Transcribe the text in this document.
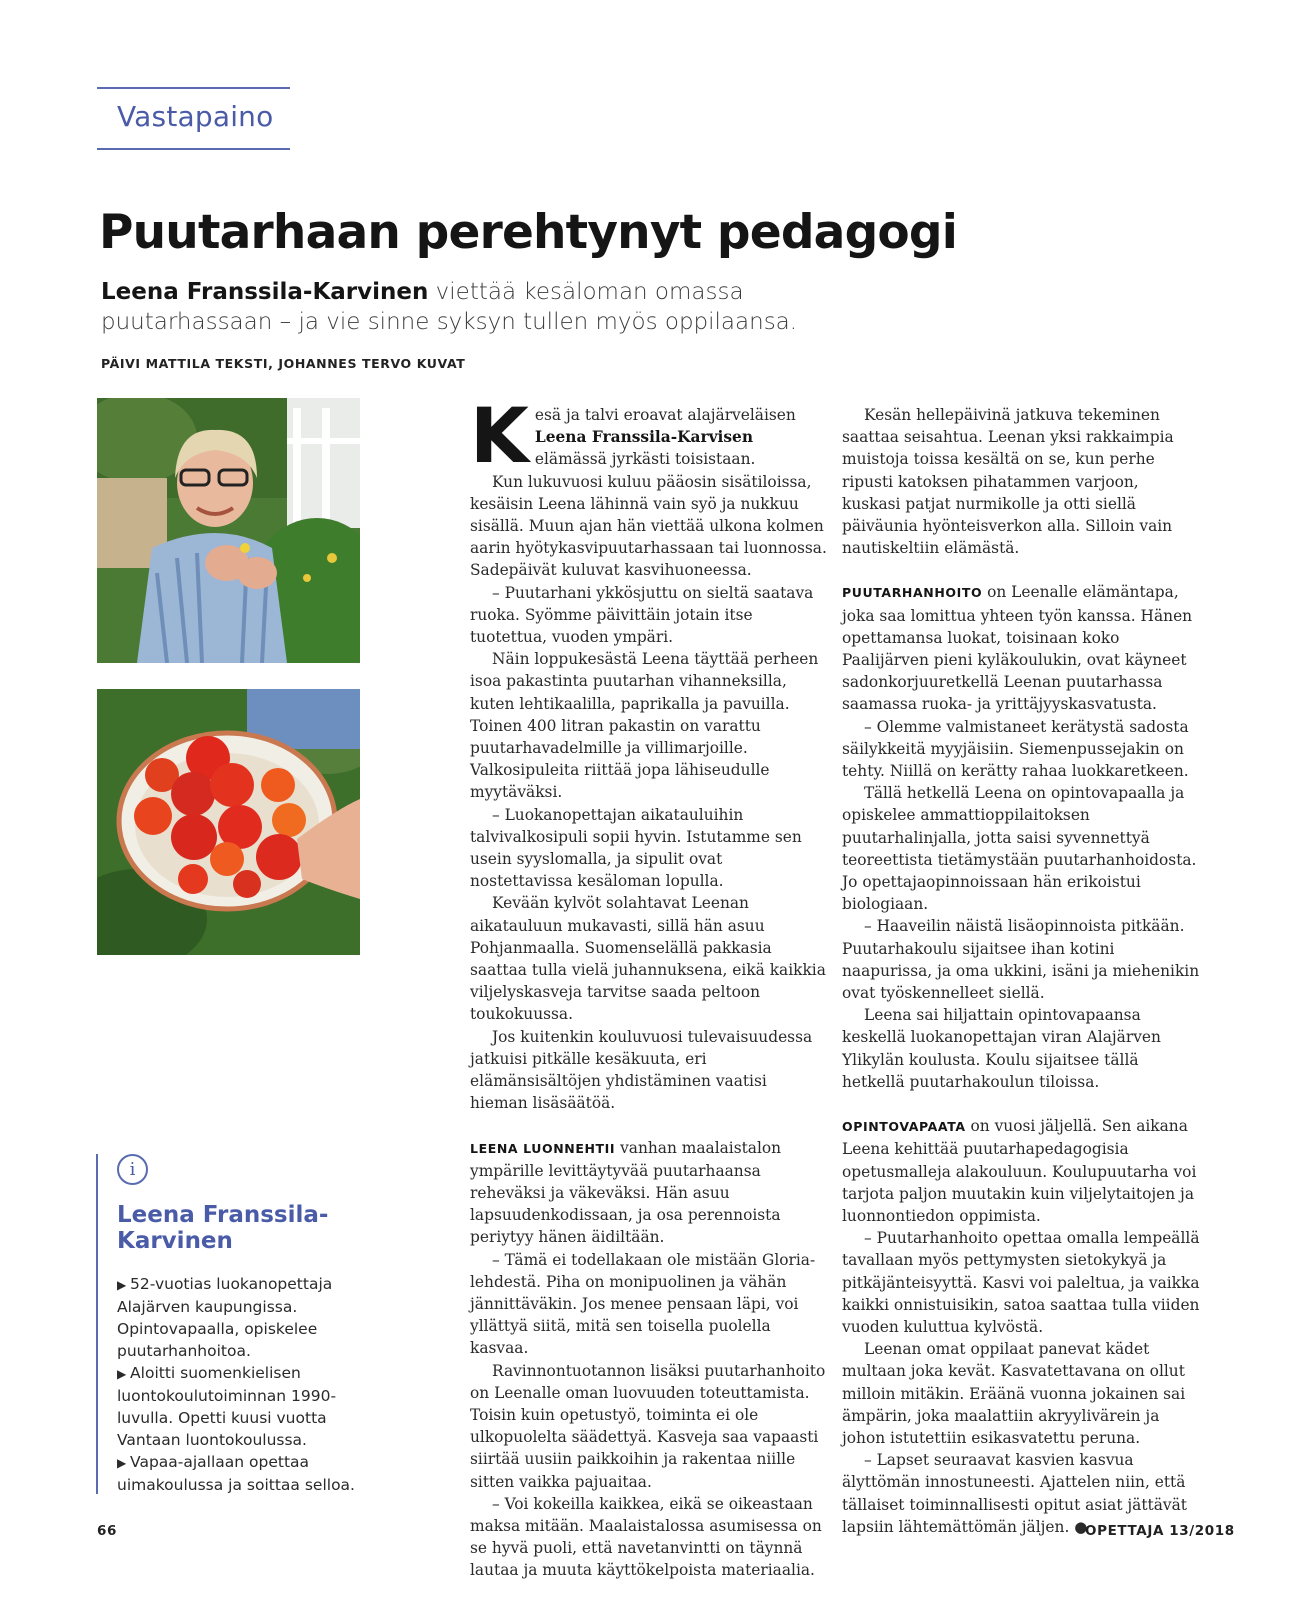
Vastapaino
Puutarhaan perehtynyt pedagogi
Leena Franssila-Karvinen viettää kesäloman omassa puutarhassaan – ja vie sinne syksyn tullen myös oppilaansa.
PÄIVI MATTILA TEKSTI, JOHANNES TERVO KUVAT

Kesä ja talvi eroavat alajärveläisen Leena Franssila-Karvisen elämässä jyrkästi toisistaan.

Kun lukuvuosi kuluu pääosin sisätiloissa, kesäisin Leena lähinnä vain syö ja nukkuu sisällä. Muun ajan hän viettää ulkona kolmen aarin hyötykasvipuutarhassaan tai luonnossa. Sadepäivät kuluvat kasvihuoneessa.

– Puutarhani ykkösjuttu on sieltä saatava ruoka. Syömme päivittäin jotain itse tuotettua, vuoden ympäri.

Näin loppukesästä Leena täyttää perheen isoa pakastinta puutarhan vihanneksilla, kuten lehtikaalilla, paprikalla ja pavuilla. Toinen 400 litran pakastin on varattu puutarhavadelmille ja villimarjoille. Valkosipuleita riittää jopa lähiseudulle myytäväksi.

– Luokanopettajan aikatauluihin talvivalkosipuli sopii hyvin. Istutamme sen usein syyslomalla, ja sipulit ovat nostettavissa kesäloman lopulla.

Kevään kylvöt solahtavat Leenan aikatauluun mukavasti, sillä hän asuu Pohjanmaalla. Suomenselällä pakkasia saattaa tulla vielä juhannuksena, eikä kaikkia viljelyskasveja tarvitse saada peltoon toukokuussa.

Jos kuitenkin kouluvuosi tulevaisuudessa jatkuisi pitkälle kesäkuuta, eri elämänsisältöjen yhdistäminen vaatisi hieman lisäsäätöä.

LEENA LUONNEHTII vanhan maalaistalon ympärille levittäytyvää puutarhaansa reheväksi ja väkeväksi. Hän asuu lapsuudenkodissaan, ja osa perennoista periytyy hänen äidiltään.

– Tämä ei todellakaan ole mistään Gloria-lehdestä. Piha on monipuolinen ja vähän jännittäväkin. Jos menee pensaan läpi, voi yllättyä siitä, mitä sen toisella puolella kasvaa.

Ravinnontuotannon lisäksi puutarhanhoito on Leenalle oman luovuuden toteuttamista. Toisin kuin opetustyö, toiminta ei ole ulkopuolelta säädettyä. Kasveja saa vapaasti siirtää uusiin paikkoihin ja rakentaa niille sitten vaikka pajuaitaa.

– Voi kokeilla kaikkea, eikä se oikeastaan maksa mitään. Maalaistalossa asumisessa on se hyvä puoli, että navetanvintti on täynnä lautaa ja muuta käyttökelpoista materiaalia.

Kesän hellepäivinä jatkuva tekeminen saattaa seisahtua. Leenan yksi rakkaimpia muistoja toissa kesältä on se, kun perhe ripusti katoksen pihatammen varjoon, kuskasi patjat nurmikolle ja otti siellä päiväunia hyönteisverkon alla. Silloin vain nautiskeltiin elämästä.

PUUTARHANHOITO on Leenalle elämäntapa, joka saa lomittua yhteen työn kanssa. Hänen opettamansa luokat, toisinaan koko Paalijärven pieni kyläkoulukin, ovat käyneet sadonkorjuuretkellä Leenan puutarhassa saamassa ruoka- ja yrittäjyyskasvatusta.

– Olemme valmistaneet kerätystä sadosta säilykkeitä myyjäisiin. Siemenpussejakin on tehty. Niillä on kerätty rahaa luokkaretkeen.

Tällä hetkellä Leena on opintovapaalla ja opiskelee ammattioppilaitoksen puutarhalinjalla, jotta saisi syvennettyä teoreettista tietämystään puutarhanhoidosta. Jo opettajaopinnoissaan hän erikoistui biologiaan.

– Haaveilin näistä lisäopinnoista pitkään. Puutarhakoulu sijaitsee ihan kotini naapurissa, ja oma ukkini, isäni ja miehenikin ovat työskennelleet siellä.

Leena sai hiljattain opintovapaansa keskellä luokanopettajan viran Alajärven Ylikylän koulusta. Koulu sijaitsee tällä hetkellä puutarhakoulun tiloissa.

OPINTOVAPAATA on vuosi jäljellä. Sen aikana Leena kehittää puutarhapedagogisia opetusmalleja alakouluun. Koulupuutarha voi tarjota paljon muutakin kuin viljelytaitojen ja luonnontiedon oppimista.

– Puutarhanhoito opettaa omalla lempeällä tavallaan myös pettymysten sietokykyä ja pitkäjänteisyyttä. Kasvi voi paleltua, ja vaikka kaikki onnistuisikin, satoa saattaa tulla viiden vuoden kuluttua kylvöstä.

Leenan omat oppilaat panevat kädet multaan joka kevät. Kasvatettavana on ollut milloin mitäkin. Eräänä vuonna jokainen sai ämpärin, joka maalattiin akryylivärein ja johon istutettiin esikasvatettu peruna.

– Lapset seuraavat kasvien kasvua älyttömän innostuneesti. Ajattelen niin, että tällaiset toiminnallisesti opitut asiat jättävät lapsiin lähtemättömän jäljen. ●

i
Leena Franssila-Karvinen
▶ 52-vuotias luokanopettaja Alajärven kaupungissa. Opintovapaalla, opiskelee puutarhanhoitoa.
▶ Aloitti suomenkielisen luontokoulutoiminnan 1990-luvulla. Opetti kuusi vuotta Vantaan luontokoulussa.
▶ Vapaa-ajallaan opettaa uimakoulussa ja soittaa selloa.
66	OPETTAJA 13/2018
